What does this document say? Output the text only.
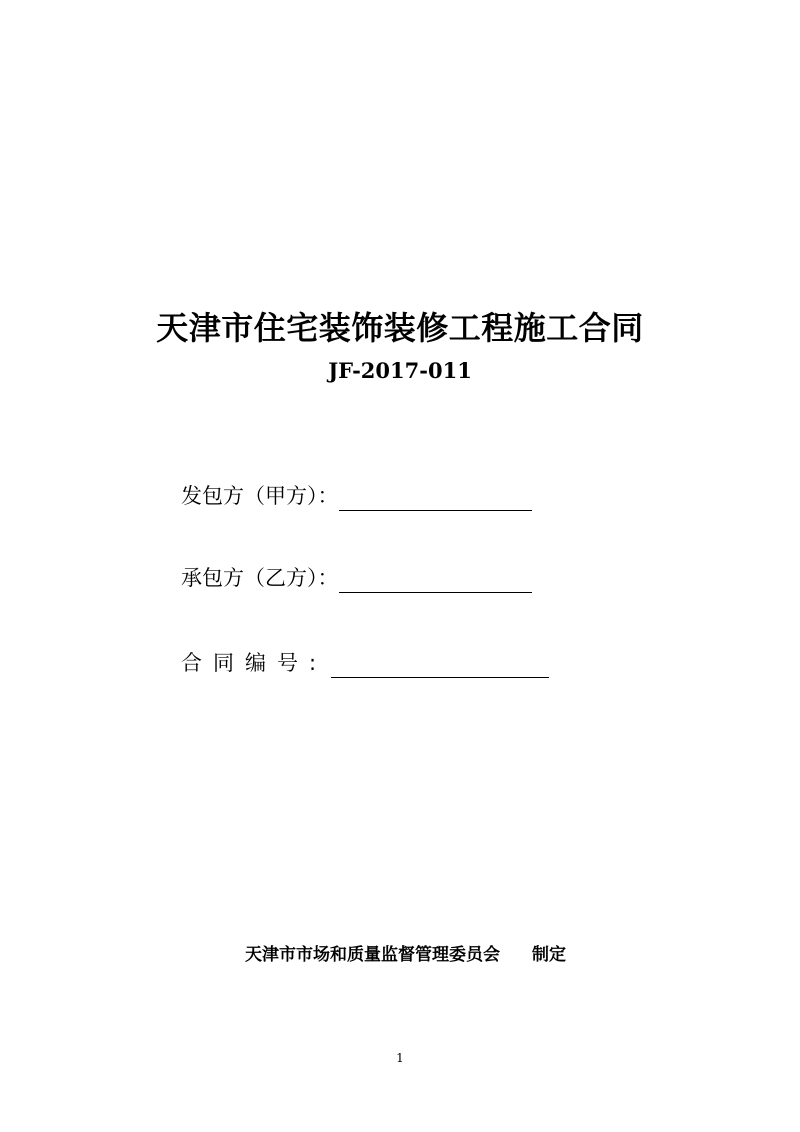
天津市住宅装饰装修工程施工合同
JF-2017-011
发包方（甲方）：
承包方（乙方）：
合同编号:
天津市市场和质量监督管理委员会 制定
1
